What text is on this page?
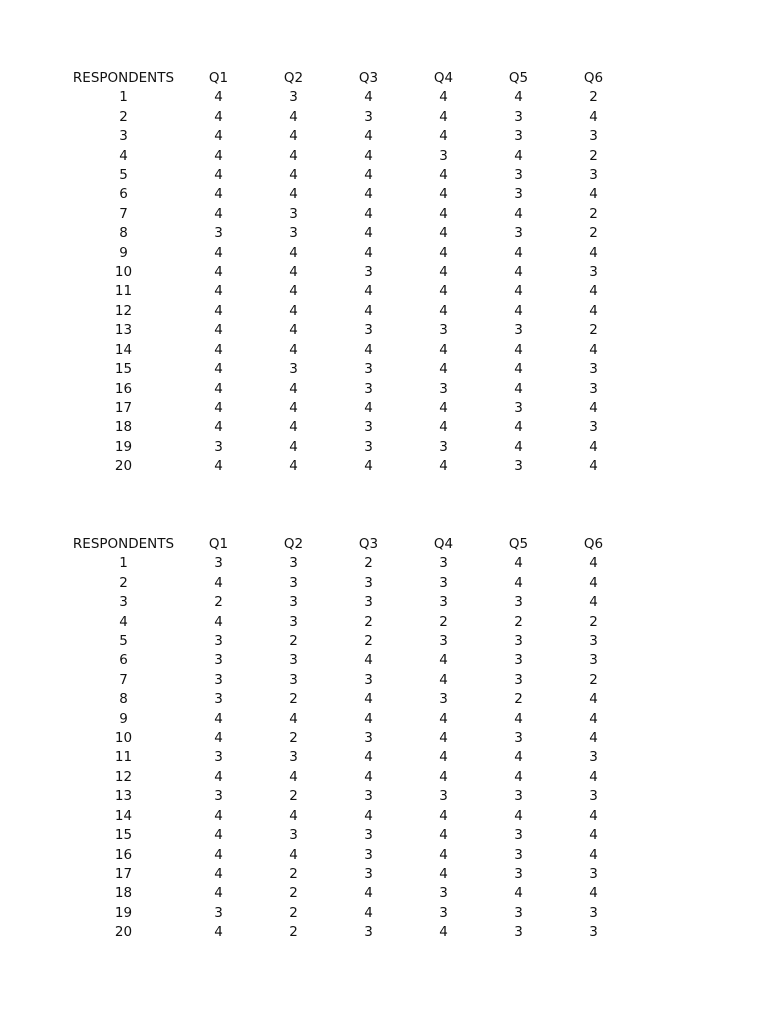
RESPONDENTS	Q1	Q2	Q3	Q4	Q5	Q6
1	4	3	4	4	4	2
2	4	4	3	4	3	4
3	4	4	4	4	3	3
4	4	4	4	3	4	2
5	4	4	4	4	3	3
6	4	4	4	4	3	4
7	4	3	4	4	4	2
8	3	3	4	4	3	2
9	4	4	4	4	4	4
10	4	4	3	4	4	3
11	4	4	4	4	4	4
12	4	4	4	4	4	4
13	4	4	3	3	3	2
14	4	4	4	4	4	4
15	4	3	3	4	4	3
16	4	4	3	3	4	3
17	4	4	4	4	3	4
18	4	4	3	4	4	3
19	3	4	3	3	4	4
20	4	4	4	4	3	4
RESPONDENTS	Q1	Q2	Q3	Q4	Q5	Q6
1	3	3	2	3	4	4
2	4	3	3	3	4	4
3	2	3	3	3	3	4
4	4	3	2	2	2	2
5	3	2	2	3	3	3
6	3	3	4	4	3	3
7	3	3	3	4	3	2
8	3	2	4	3	2	4
9	4	4	4	4	4	4
10	4	2	3	4	3	4
11	3	3	4	4	4	3
12	4	4	4	4	4	4
13	3	2	3	3	3	3
14	4	4	4	4	4	4
15	4	3	3	4	3	4
16	4	4	3	4	3	4
17	4	2	3	4	3	3
18	4	2	4	3	4	4
19	3	2	4	3	3	3
20	4	2	3	4	3	3
